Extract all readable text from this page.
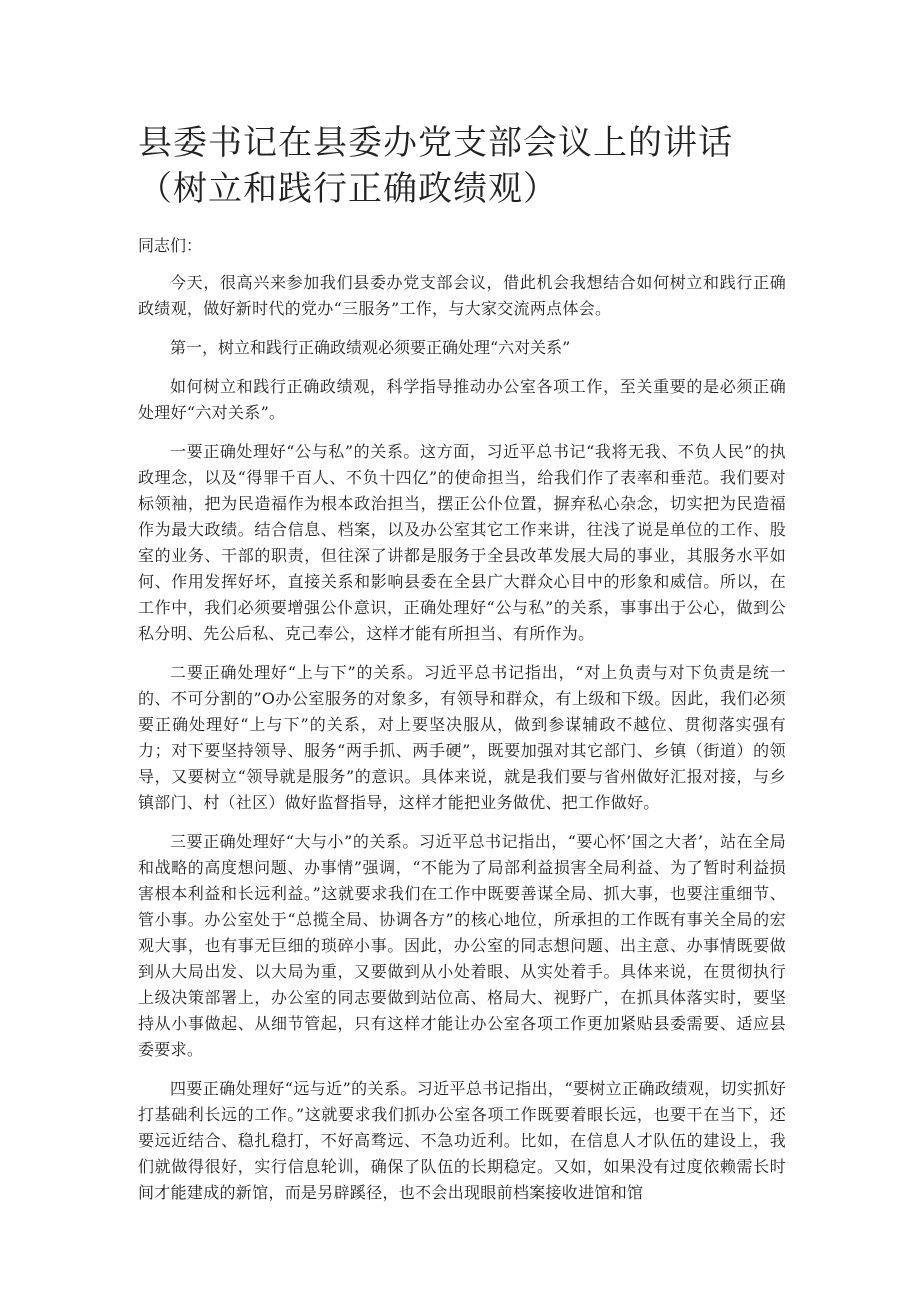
县委书记在县委办党支部会议上的讲话（树立和践行正确政绩观）

同志们：

今天，很高兴来参加我们县委办党支部会议，借此机会我想结合如何树立和践行正确政绩观，做好新时代的党办“三服务”工作，与大家交流两点体会。

第一，树立和践行正确政绩观必须要正确处理“六对关系”

如何树立和践行正确政绩观，科学指导推动办公室各项工作，至关重要的是必须正确处理好“六对关系”。

一要正确处理好“公与私”的关系。这方面，习近平总书记“我将无我、不负人民”的执政理念，以及“得罪千百人、不负十四亿”的使命担当，给我们作了表率和垂范。我们要对标领袖，把为民造福作为根本政治担当，摆正公仆位置，摒弃私心杂念，切实把为民造福作为最大政绩。结合信息、档案，以及办公室其它工作来讲，往浅了说是单位的工作、股室的业务、干部的职责，但往深了讲都是服务于全县改革发展大局的事业，其服务水平如何、作用发挥好坏，直接关系和影响县委在全县广大群众心目中的形象和威信。所以，在工作中，我们必须要增强公仆意识，正确处理好“公与私”的关系，事事出于公心，做到公私分明、先公后私、克己奉公，这样才能有所担当、有所作为。

二要正确处理好“上与下”的关系。习近平总书记指出，“对上负责与对下负责是统一的、不可分割的”O办公室服务的对象多，有领导和群众，有上级和下级。因此，我们必须要正确处理好“上与下”的关系，对上要坚决服从，做到参谋辅政不越位、贯彻落实强有力；对下要坚持领导、服务“两手抓、两手硬”，既要加强对其它部门、乡镇（街道）的领导，又要树立“领导就是服务”的意识。具体来说，就是我们要与省州做好汇报对接，与乡镇部门、村（社区）做好监督指导，这样才能把业务做优、把工作做好。

三要正确处理好“大与小”的关系。习近平总书记指出，“要心怀’国之大者’，站在全局和战略的高度想问题、办事情”强调，“不能为了局部利益损害全局利益、为了暂时利益损害根本利益和长远利益。”这就要求我们在工作中既要善谋全局、抓大事，也要注重细节、管小事。办公室处于“总揽全局、协调各方”的核心地位，所承担的工作既有事关全局的宏观大事，也有事无巨细的琐碎小事。因此，办公室的同志想问题、出主意、办事情既要做到从大局出发、以大局为重，又要做到从小处着眼、从实处着手。具体来说，在贯彻执行上级决策部署上，办公室的同志要做到站位高、格局大、视野广，在抓具体落实时，要坚持从小事做起、从细节管起，只有这样才能让办公室各项工作更加紧贴县委需要、适应县委要求。

四要正确处理好“远与近”的关系。习近平总书记指出，“要树立正确政绩观，切实抓好打基础利长远的工作。”这就要求我们抓办公室各项工作既要着眼长远，也要干在当下，还要远近结合、稳扎稳打，不好高骛远、不急功近利。比如，在信息人才队伍的建设上，我们就做得很好，实行信息轮训，确保了队伍的长期稳定。又如，如果没有过度依赖需长时间才能建成的新馆，而是另辟蹊径，也不会出现眼前档案接收进馆和馆
